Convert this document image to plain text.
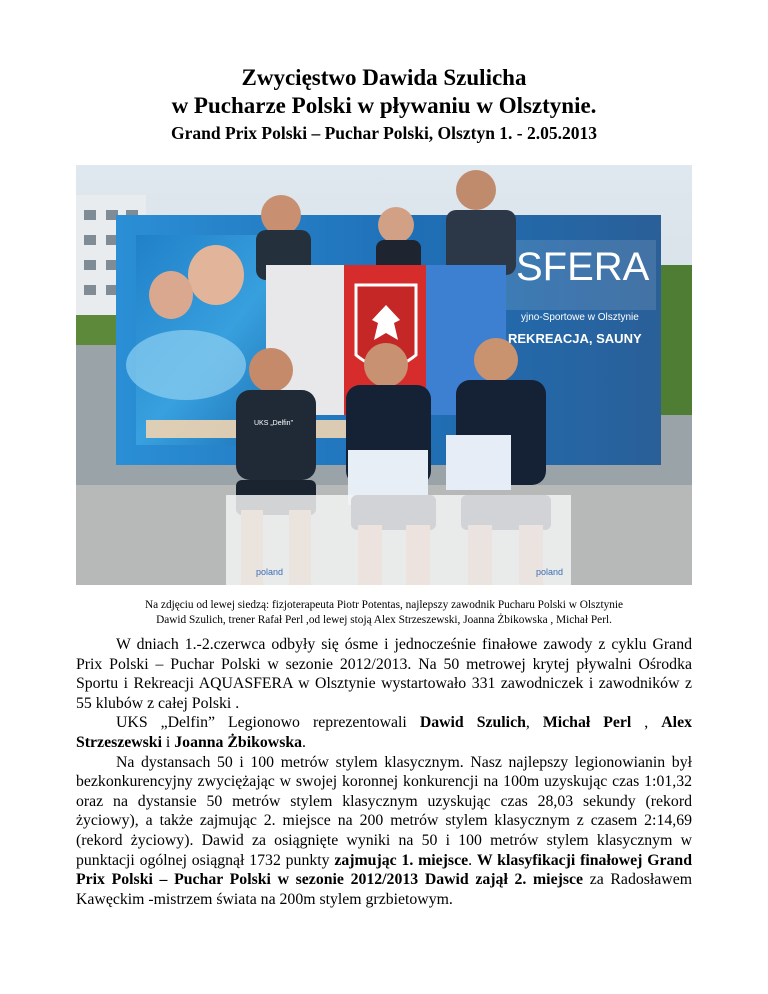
Zwycięstwo Dawida Szulicha
w Pucharze Polski w pływaniu w Olsztynie.
Grand Prix Polski – Puchar Polski, Olsztyn 1. - 2.05.2013
SFERA
yjno-Sportowe w Olsztynie
REKREACJA, SAUNY
UKS „Delfin”
poland	poland
Na zdjęciu od lewej siedzą: fizjoterapeuta Piotr Potentas, najlepszy zawodnik Pucharu Polski w Olsztynie
Dawid Szulich, trener Rafał Perl ,od lewej stoją Alex Strzeszewski, Joanna Żbikowska , Michał Perl.

W dniach 1.-2.czerwca odbyły się ósme i jednocześnie finałowe zawody z cyklu Grand Prix Polski – Puchar Polski w sezonie 2012/2013. Na 50 metrowej krytej pływalni Ośrodka Sportu i Rekreacji AQUASFERA w Olsztynie wystartowało 331 zawodniczek i zawodników z 55 klubów z całej Polski .

UKS „Delfin” Legionowo reprezentowali Dawid Szulich, Michał Perl , Alex Strzeszewski i Joanna Żbikowska.

Na dystansach 50 i 100 metrów stylem klasycznym. Nasz najlepszy legionowianin był bezkonkurencyjny zwyciężając w swojej koronnej konkurencji na 100m uzyskując czas 1:01,32 oraz na dystansie 50 metrów stylem klasycznym uzyskując czas 28,03 sekundy (rekord życiowy), a także zajmując 2. miejsce na 200 metrów stylem klasycznym z czasem 2:14,69 (rekord życiowy). Dawid za osiągnięte wyniki na 50 i 100 metrów stylem klasycznym w punktacji ogólnej osiągnął 1732 punkty zajmując 1. miejsce. W klasyfikacji finałowej Grand Prix Polski – Puchar Polski w sezonie 2012/2013 Dawid zajął 2. miejsce za Radosławem Kawęckim -mistrzem świata na 200m stylem grzbietowym.
